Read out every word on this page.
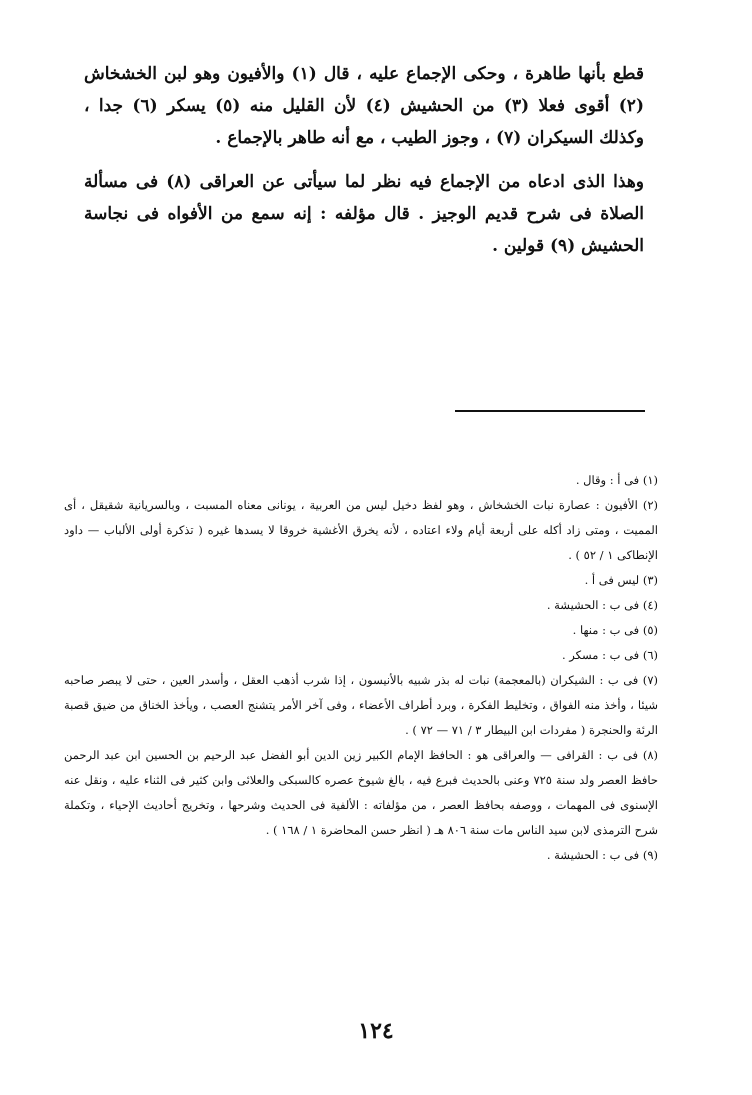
قطع بأنها طاهرة ، وحكى الإجماع عليه ، قال (١) والأفيون وهو لبن الخشخاش (٢) أقوى فعلا (٣) من الحشيش (٤) لأن القليل منه (٥) يسكر (٦) جدا ، وكذلك السيكران (٧) ، وجوز الطيب ، مع أنه طاهر بالإجماع .

وهذا الذى ادعاه من الإجماع فيه نظر لما سيأتى عن العراقى (٨) فى مسألة الصلاة فى شرح قديم الوجيز . قال مؤلفه : إنه سمع من الأفواه فى نجاسة الحشيش (٩) قولين .

(١) فى أ : وقال .

(٢) الأفيون : عصارة نبات الخشخاش ، وهو لفظ دخيل ليس من العربية ، يونانى معناه المسبت ، وبالسريانية شقيقل ، أى المميت ، ومتى زاد أكله على أربعة أيام ولاء اعتاده ، لأنه يخرق الأغشية خروقا لا يسدها غيره ( تذكرة أولى الألباب — داود الإنطاكى ١ / ٥٢ ) .

(٣) ليس فى أ .

(٤) فى ب : الحشيشة .

(٥) فى ب : منها .

(٦) فى ب : مسكر .

(٧) فى ب : الشيكران (بالمعجمة) نبات له بذر شبيه بالأنيسون ، إذا شرب أذهب العقل ، وأسدر العين ، حتى لا يبصر صاحبه شيئا ، وأخذ منه الفواق ، وتخليط الفكرة ، وبرد أطراف الأعضاء ، وفى آخر الأمر يتشنج العصب ، ويأخذ الخناق من ضيق قصبة الرئة والحنجرة ( مفردات ابن البيطار ٣ / ٧١ — ٧٢ ) .

(٨) فى ب : القرافى — والعراقى هو : الحافظ الإمام الكبير زين الدين أبو الفضل عبد الرحيم بن الحسين ابن عبد الرحمن حافظ العصر ولد سنة ٧٢٥ وعنى بالحديث فبرع فيه ، بالغ شيوخ عصره كالسبكى والعلائى وابن كثير فى الثناء عليه ، ونقل عنه الإسنوى فى المهمات ، ووصفه بحافظ العصر ، من مؤلفاته : الألفية فى الحديث وشرحها ، وتخريج أحاديث الإحياء ، وتكملة شرح الترمذى لابن سيد الناس مات سنة ٨٠٦ هـ ( انظر حسن المحاضرة ١ / ١٦٨ ) .

(٩) فى ب : الحشيشة .

١٢٤
